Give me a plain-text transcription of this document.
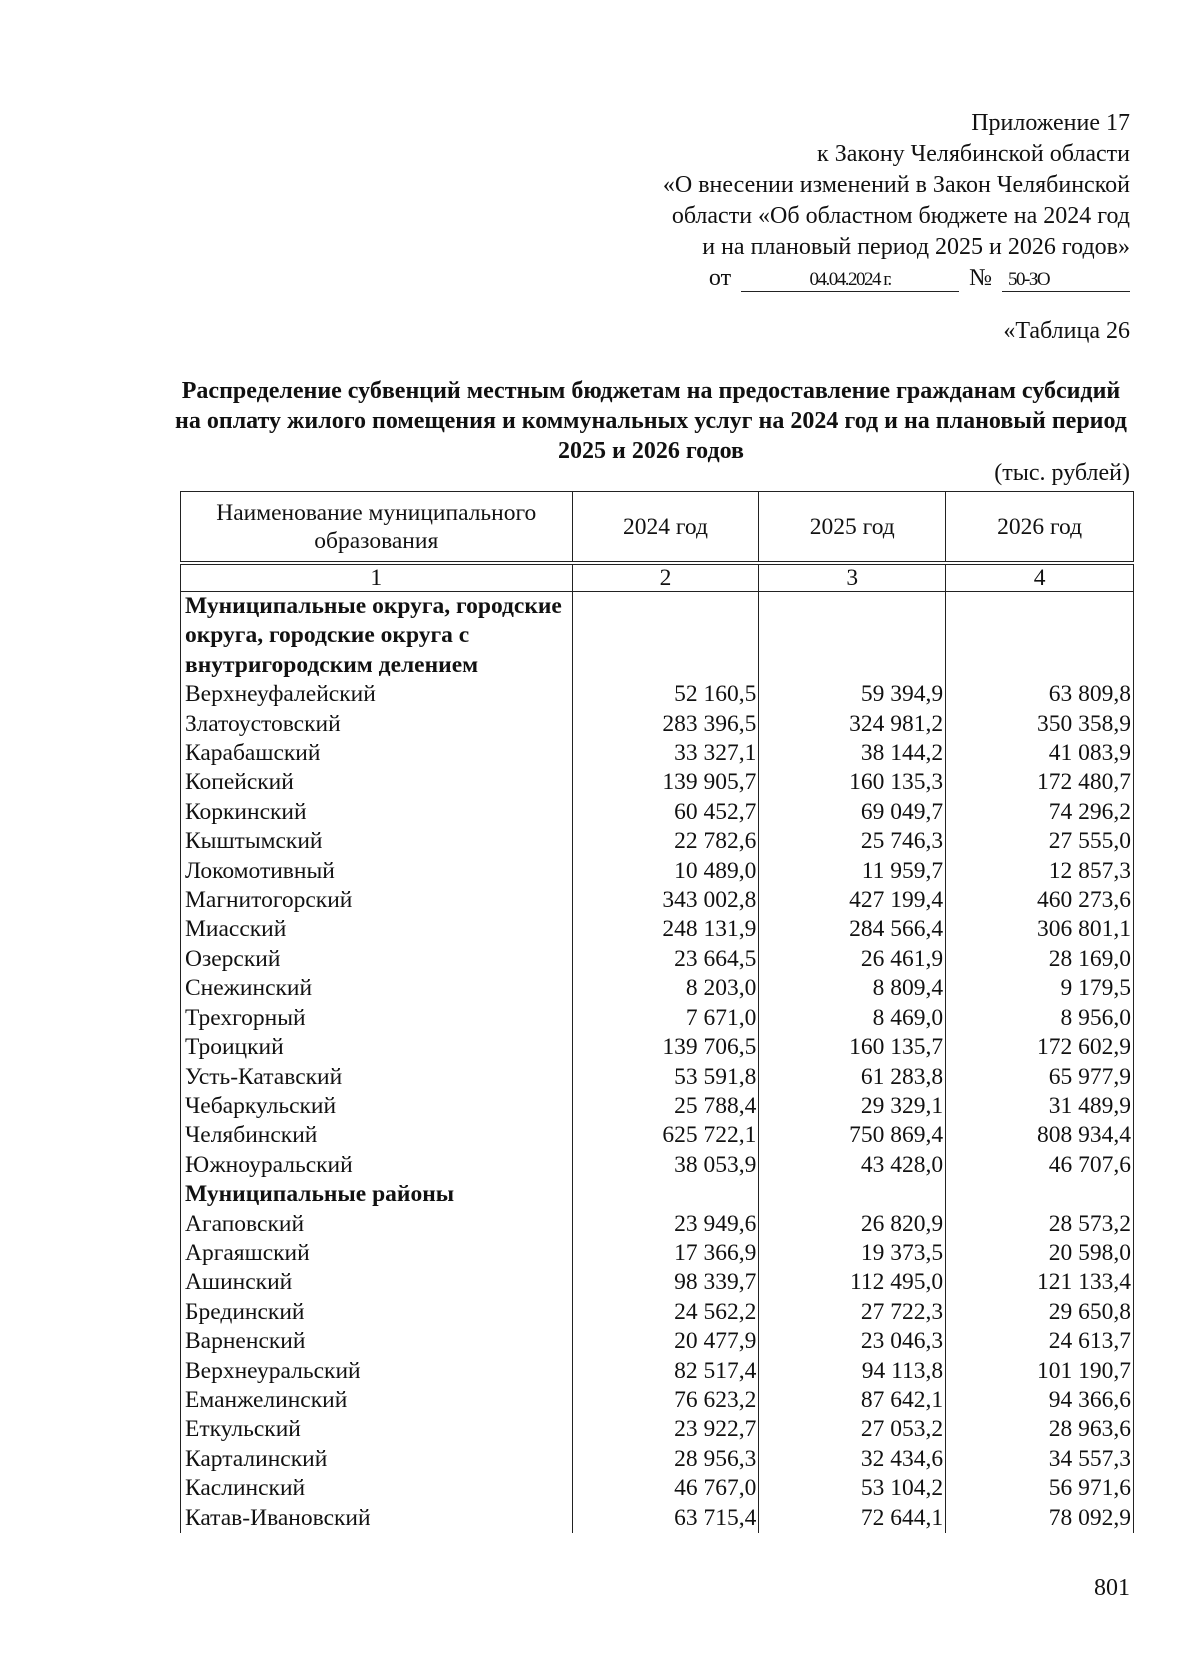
Приложение 17
к Закону Челябинской области
«О внесении изменений в Закон Челябинской
области «Об областном бюджете на 2024 год
и на плановый период 2025 и 2026 годов»
от	04.04.2024 г.	№ 50-ЗО
«Таблица 26
Распределение субвенций местным бюджетам на предоставление гражданам субсидий на оплату жилого помещения и коммунальных услуг на 2024 год и на плановый период 2025 и 2026 годов
(тыс. рублей)
Наименование муниципального образования	2024 год	2025 год	2026 год
1	2	3	4
Муниципальные округа, городские округа, городские округа с внутригородским делением			
Верхнеуфалейский	52 160,5	59 394,9	63 809,8
Златоустовский	283 396,5	324 981,2	350 358,9
Карабашский	33 327,1	38 144,2	41 083,9
Копейский	139 905,7	160 135,3	172 480,7
Коркинский	60 452,7	69 049,7	74 296,2
Кыштымский	22 782,6	25 746,3	27 555,0
Локомотивный	10 489,0	11 959,7	12 857,3
Магнитогорский	343 002,8	427 199,4	460 273,6
Миасский	248 131,9	284 566,4	306 801,1
Озерский	23 664,5	26 461,9	28 169,0
Снежинский	8 203,0	8 809,4	9 179,5
Трехгорный	7 671,0	8 469,0	8 956,0
Троицкий	139 706,5	160 135,7	172 602,9
Усть-Катавский	53 591,8	61 283,8	65 977,9
Чебаркульский	25 788,4	29 329,1	31 489,9
Челябинский	625 722,1	750 869,4	808 934,4
Южноуральский	38 053,9	43 428,0	46 707,6
Муниципальные районы			
Агаповский	23 949,6	26 820,9	28 573,2
Аргаяшский	17 366,9	19 373,5	20 598,0
Ашинский	98 339,7	112 495,0	121 133,4
Брединский	24 562,2	27 722,3	29 650,8
Варненский	20 477,9	23 046,3	24 613,7
Верхнеуральский	82 517,4	94 113,8	101 190,7
Еманжелинский	76 623,2	87 642,1	94 366,6
Еткульский	23 922,7	27 053,2	28 963,6
Карталинский	28 956,3	32 434,6	34 557,3
Каслинский	46 767,0	53 104,2	56 971,6
Катав-Ивановский	63 715,4	72 644,1	78 092,9
801
